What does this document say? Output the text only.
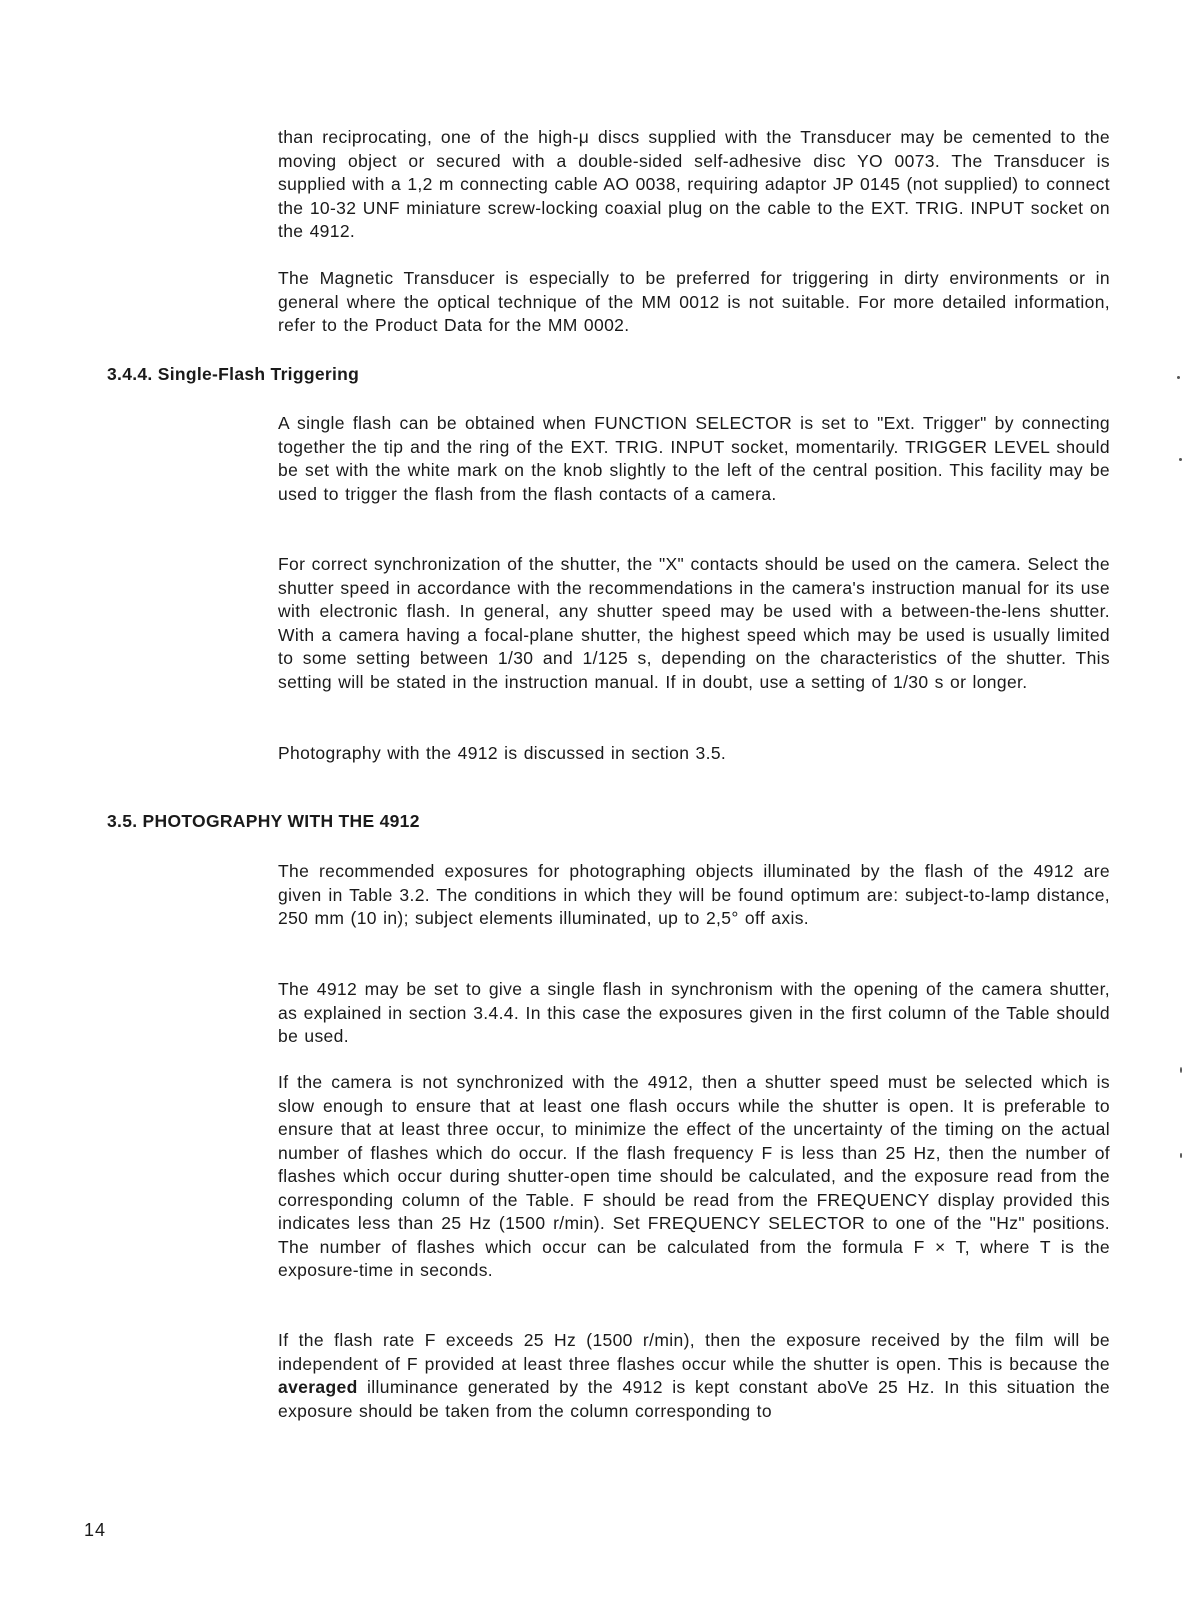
than reciprocating, one of the high-μ discs supplied with the Transducer may be cemented to the moving object or secured with a double-sided self-adhesive disc YO 0073. The Transducer is supplied with a 1,2 m connecting cable AO 0038, requiring adaptor JP 0145 (not supplied) to connect the 10-32 UNF miniature screw-locking coaxial plug on the cable to the EXT. TRIG. INPUT socket on the 4912.

The Magnetic Transducer is especially to be preferred for triggering in dirty environments or in general where the optical technique of the MM 0012 is not suitable. For more detailed information, refer to the Product Data for the MM 0002.

3.4.4. Single-Flash Triggering

A single flash can be obtained when FUNCTION SELECTOR is set to "Ext. Trigger" by connecting together the tip and the ring of the EXT. TRIG. INPUT socket, momentarily. TRIGGER LEVEL should be set with the white mark on the knob slightly to the left of the central position. This facility may be used to trigger the flash from the flash contacts of a camera.

For correct synchronization of the shutter, the "X" contacts should be used on the camera. Select the shutter speed in accordance with the recommendations in the camera's instruction manual for its use with electronic flash. In general, any shutter speed may be used with a between-the-lens shutter. With a camera having a focal-plane shutter, the highest speed which may be used is usually limited to some setting between 1/30 and 1/125 s, depending on the characteristics of the shutter. This setting will be stated in the instruction manual. If in doubt, use a setting of 1/30 s or longer.

Photography with the 4912 is discussed in section 3.5.

3.5. PHOTOGRAPHY WITH THE 4912

The recommended exposures for photographing objects illuminated by the flash of the 4912 are given in Table 3.2. The conditions in which they will be found optimum are: subject-to-lamp distance, 250 mm (10 in); subject elements illuminated, up to 2,5° off axis.

The 4912 may be set to give a single flash in synchronism with the opening of the camera shutter, as explained in section 3.4.4. In this case the exposures given in the first column of the Table should be used.

If the camera is not synchronized with the 4912, then a shutter speed must be selected which is slow enough to ensure that at least one flash occurs while the shutter is open. It is preferable to ensure that at least three occur, to minimize the effect of the uncertainty of the timing on the actual number of flashes which do occur. If the flash frequency F is less than 25 Hz, then the number of flashes which occur during shutter-open time should be calculated, and the exposure read from the corresponding column of the Table. F should be read from the FREQUENCY display provided this indicates less than 25 Hz (1500 r/min). Set FREQUENCY SELECTOR to one of the "Hz" positions. The number of flashes which occur can be calculated from the formula F × T, where T is the exposure-time in seconds.

If the flash rate F exceeds 25 Hz (1500 r/min), then the exposure received by the film will be independent of F provided at least three flashes occur while the shutter is open. This is because the averaged illuminance generated by the 4912 is kept constant aboVe 25 Hz. In this situation the exposure should be taken from the column corresponding to

14
